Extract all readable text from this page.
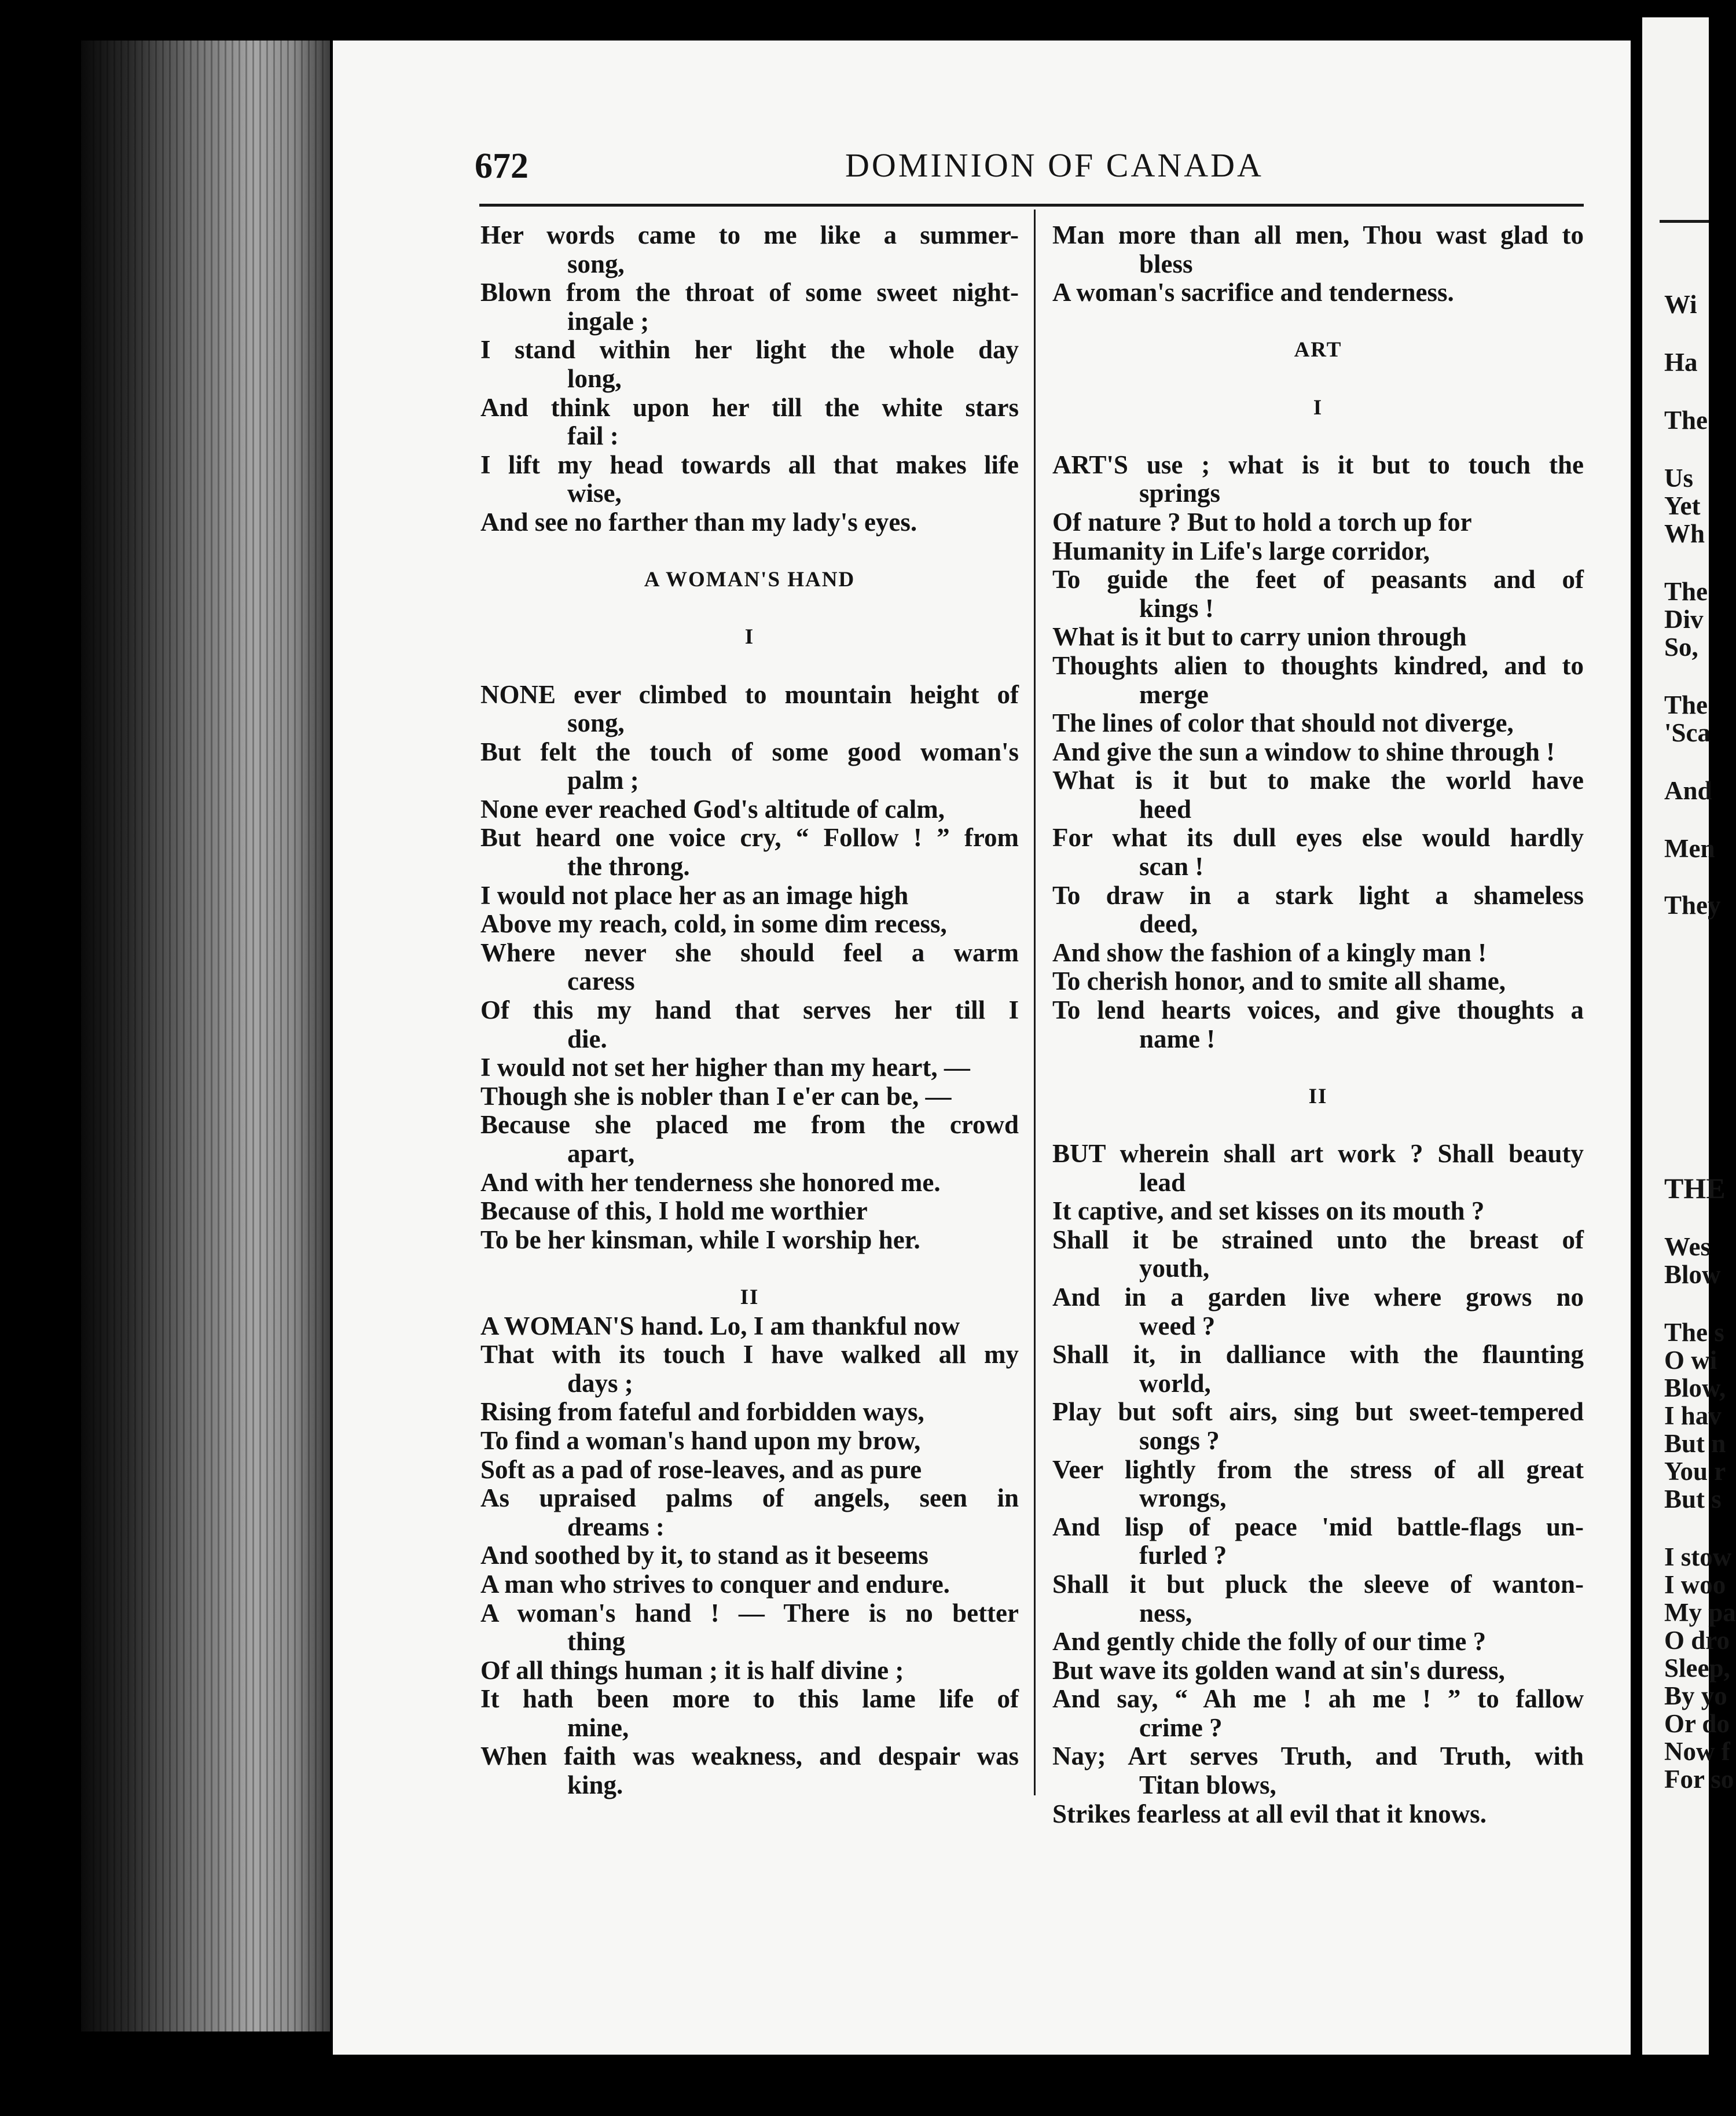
672	DOMINION OF CANADA
Her words came to me like a summer-
song,
Blown from the throat of some sweet night-
ingale ;
I stand within her light the whole day
long,
And think upon her till the white stars
fail :
I lift my head towards all that makes life
wise,
And see no farther than my lady's eyes.
A WOMAN'S HAND
I
NONE ever climbed to mountain height of
song,
But felt the touch of some good woman's
palm ;
None ever reached God's altitude of calm,
But heard one voice cry, “ Follow ! ” from
the throng.
I would not place her as an image high
Above my reach, cold, in some dim recess,
Where never she should feel a warm
caress
Of this my hand that serves her till I
die.
I would not set her higher than my heart, —
Though she is nobler than I e'er can be, —
Because she placed me from the crowd
apart,
And with her tenderness she honored me.
Because of this, I hold me worthier
To be her kinsman, while I worship her.
II
A WOMAN'S hand. Lo, I am thankful now
That with its touch I have walked all my
days ;
Rising from fateful and forbidden ways,
To find a woman's hand upon my brow,
Soft as a pad of rose-leaves, and as pure
As upraised palms of angels, seen in
dreams :
And soothed by it, to stand as it beseems
A man who strives to conquer and endure.
A woman's hand ! — There is no better
thing
Of all things human ; it is half divine ;
It hath been more to this lame life of
mine,
When faith was weakness, and despair was
king.
Man more than all men, Thou wast glad to
bless
A woman's sacrifice and tenderness.
ART
I
ART'S use ; what is it but to touch the
springs
Of nature ? But to hold a torch up for
Humanity in Life's large corridor,
To guide the feet of peasants and of
kings !
What is it but to carry union through
Thoughts alien to thoughts kindred, and to
merge
The lines of color that should not diverge,
And give the sun a window to shine through !
What is it but to make the world have
heed
For what its dull eyes else would hardly
scan !
To draw in a stark light a shameless
deed,
And show the fashion of a kingly man !
To cherish honor, and to smite all shame,
To lend hearts voices, and give thoughts a
name !
II
BUT wherein shall art work ? Shall beauty
lead
It captive, and set kisses on its mouth ?
Shall it be strained unto the breast of
youth,
And in a garden live where grows no
weed ?
Shall it, in dalliance with the flaunting
world,
Play but soft airs, sing but sweet-tempered
songs ?
Veer lightly from the stress of all great
wrongs,
And lisp of peace 'mid battle-flags un-
furled ?
Shall it but pluck the sleeve of wanton-
ness,
And gently chide the folly of our time ?
But wave its golden wand at sin's duress,
And say, “ Ah me ! ah me ! ” to fallow
crime ?
Nay; Art serves Truth, and Truth, with
Titan blows,
Strikes fearless at all evil that it knows.
Wi
Ha
The
Us
Yet
Wh
The
Div
So,
The
'Sca
And
Men
They
THE
Wes
Blow
The s
O wi
Blow,
I hav
But n
You r
But s
I stow
I woo
My pa
O dro
Sleep,
By yo
Or do
Now f
For so
